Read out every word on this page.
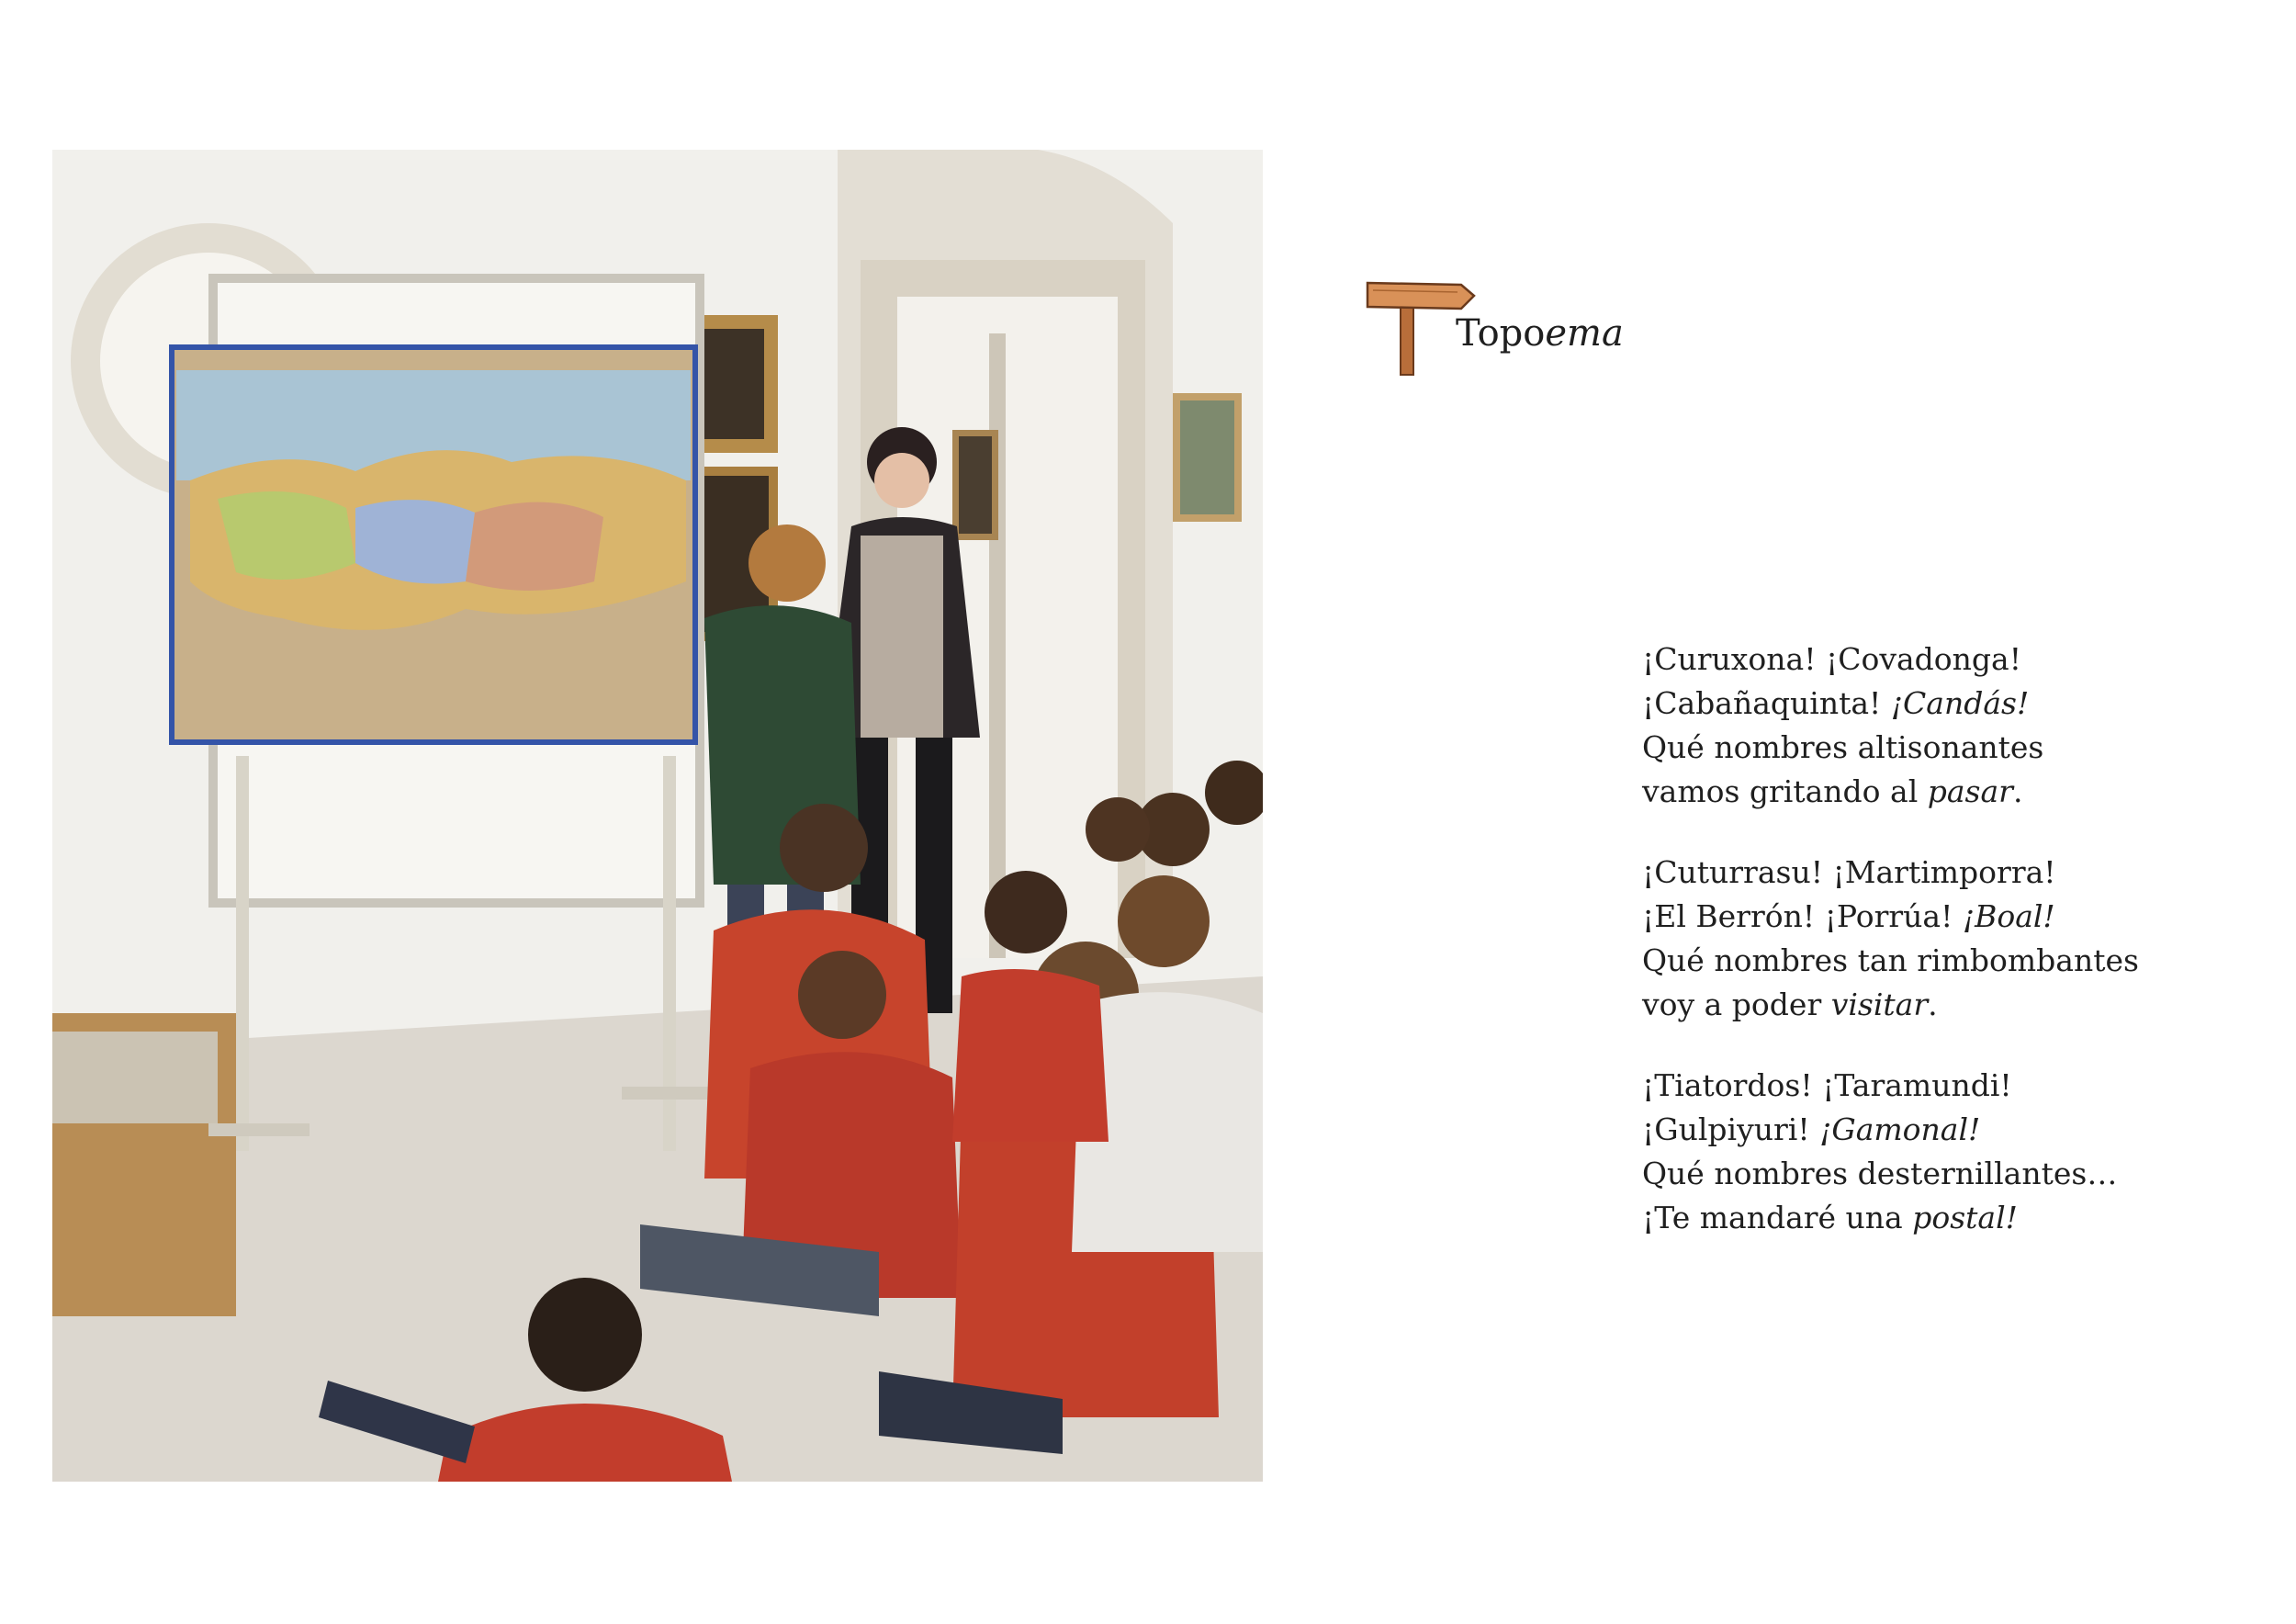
Topoema
¡Curuxona! ¡Covadonga!
¡Cabañaquinta! ¡Candás!
Qué nombres altisonantes
vamos gritando al pasar.
¡Cuturrasu! ¡Martimporra!
¡El Berrón! ¡Porrúa! ¡Boal!
Qué nombres tan rimbombantes
voy a poder visitar.
¡Tiatordos! ¡Taramundi!
¡Gulpiyuri! ¡Gamonal!
Qué nombres desternillantes…
¡Te mandaré una postal!
